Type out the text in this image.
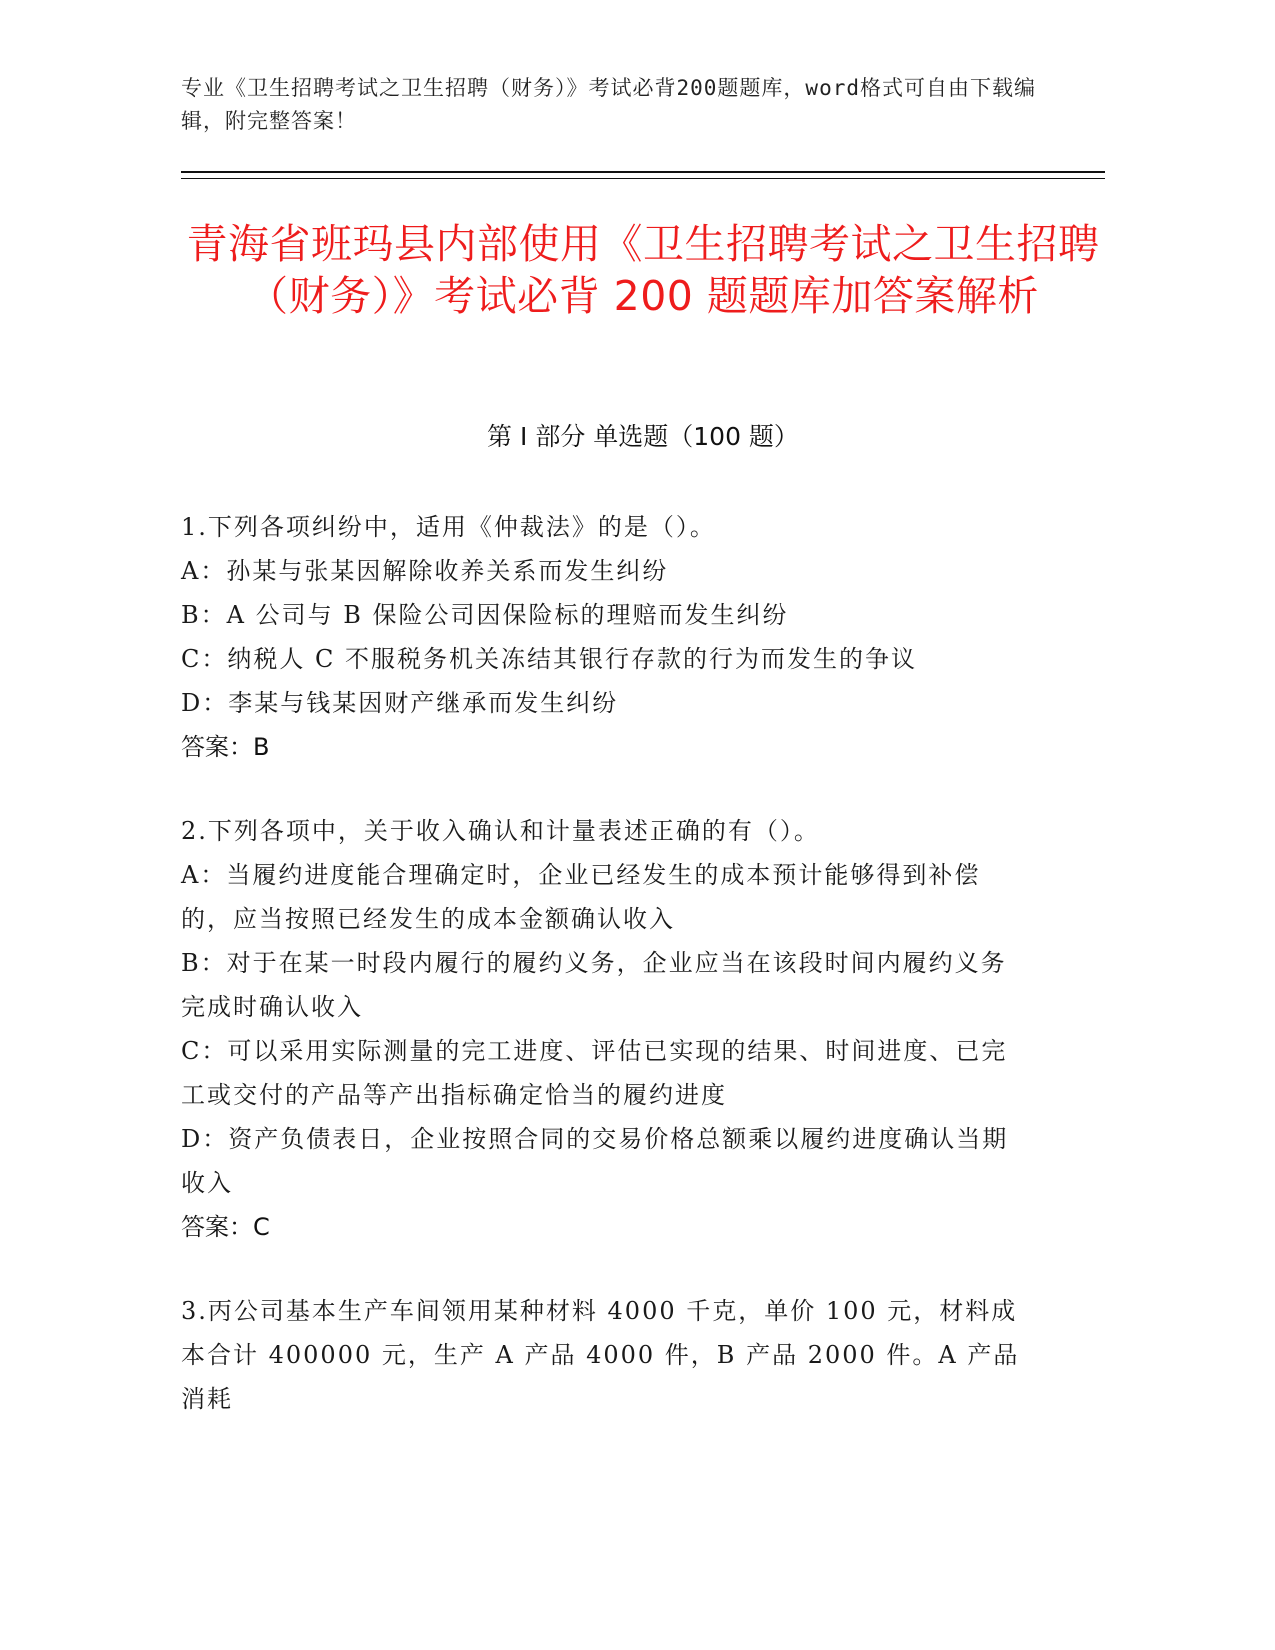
专业《卫生招聘考试之卫生招聘（财务）》考试必背200题题库，word格式可自由下载编辑，附完整答案！
青海省班玛县内部使用《卫生招聘考试之卫生招聘（财务）》考试必背 200 题题库加答案解析
第 I 部分 单选题（100 题）
1.下列各项纠纷中，适用《仲裁法》的是（）。
A：孙某与张某因解除收养关系而发生纠纷
B：A 公司与 B 保险公司因保险标的理赔而发生纠纷
C：纳税人 C 不服税务机关冻结其银行存款的行为而发生的争议
D：李某与钱某因财产继承而发生纠纷
答案：B
2.下列各项中，关于收入确认和计量表述正确的有（）。
A：当履约进度能合理确定时，企业已经发生的成本预计能够得到补偿的，应当按照已经发生的成本金额确认收入
B：对于在某一时段内履行的履约义务，企业应当在该段时间内履约义务完成时确认收入
C：可以采用实际测量的完工进度、评估已实现的结果、时间进度、已完工或交付的产品等产出指标确定恰当的履约进度
D：资产负债表日，企业按照合同的交易价格总额乘以履约进度确认当期收入
答案：C
3.丙公司基本生产车间领用某种材料 4000 千克，单价 100 元，材料成本合计 400000 元，生产 A 产品 4000 件，B 产品 2000 件。A 产品消耗
